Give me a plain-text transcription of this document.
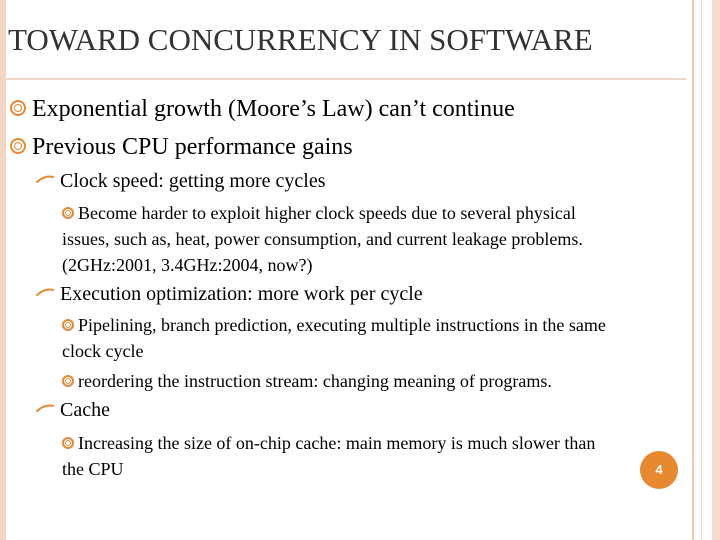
TOWARD CONCURRENCY IN SOFTWARE
Exponential growth (Moore’s Law) can’t continue
Previous CPU performance gains
Clock speed: getting more cycles
Become harder to exploit higher clock speeds due to several physical issues, such as, heat, power consumption, and current leakage problems. (2GHz:2001, 3.4GHz:2004, now?)
Execution optimization: more work per cycle
Pipelining, branch prediction, executing multiple instructions in the same clock cycle
reordering the instruction stream: changing meaning of programs.
Cache
Increasing the size of on-chip cache: main memory is much slower than the CPU	4
